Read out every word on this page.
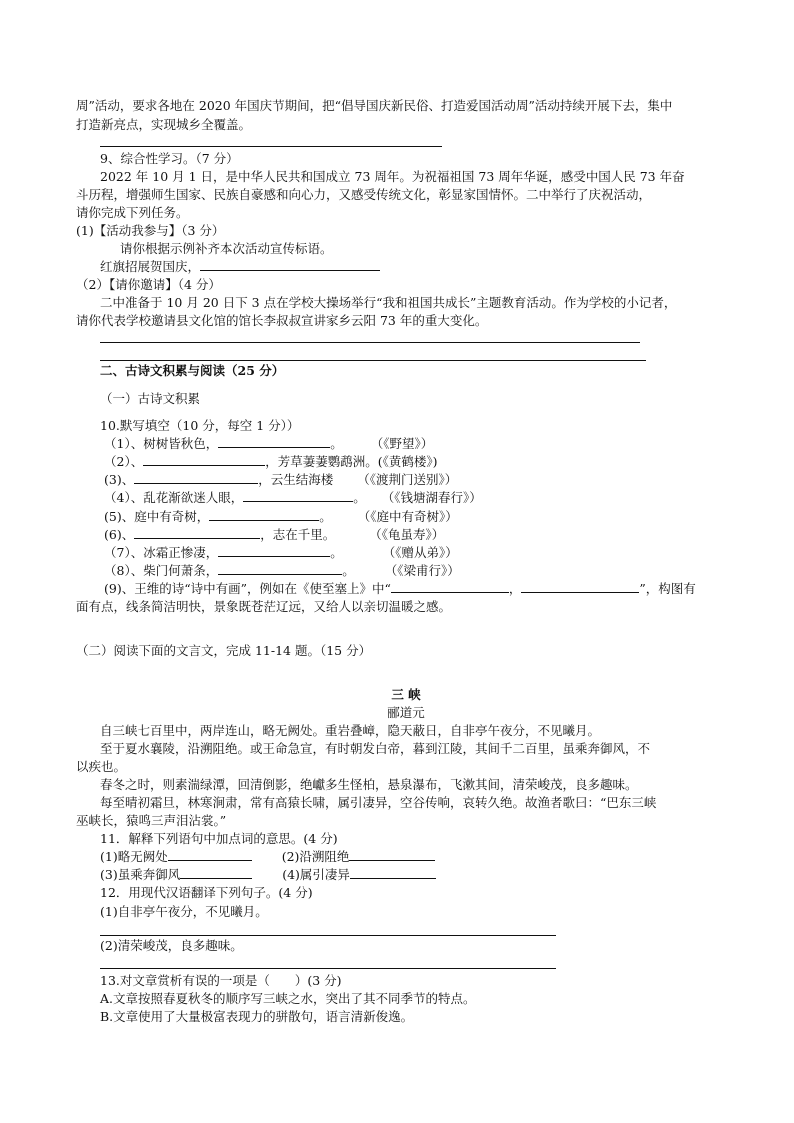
周”活动，要求各地在 2020 年国庆节期间，把“倡导国庆新民俗、打造爱国活动周”活动持续开展下去，集中
打造新亮点，实现城乡全覆盖。
9、综合性学习。（7 分）
2022 年 10 月 1 日，是中华人民共和国成立 73 周年。为祝福祖国 73 周年华诞，感受中国人民 73 年奋
斗历程，增强师生国家、民族自豪感和向心力，又感受传统文化，彰显家国情怀。二中举行了庆祝活动，
请你完成下列任务。
(1)【活动我参与】（3 分）
请你根据示例补齐本次活动宣传标语。
红旗招展贺国庆，
（2）【请你邀请】（4 分）
二中准备于 10 月 20 日下 3 点在学校大操场举行“我和祖国共成长”主题教育活动。作为学校的小记者，
请你代表学校邀请县文化馆的馆长李叔叔宣讲家乡云阳 73 年的重大变化。
二、古诗文积累与阅读（25 分）
（一）古诗文积累
10.默写填空（10 分，每空 1 分））
（1）、树树皆秋色，	。 （《野望》）
（2）、	，芳草萋萋鹦鹉洲。(《黄鹤楼》)
(3)、	，云生结海楼 （《渡荆门送别》）
（4）、乱花渐欲迷人眼，	。 （《钱塘湖春行》）
(5)、庭中有奇树，	。 （《庭中有奇树》）
(6)、	，志在千里。	（《龟虽寿》）
（7）、冰霜正惨凄，	。	（《赠从弟》）
（8）、柴门何萧条，	。 （《梁甫行》）
(9)、王维的诗“诗中有画”，例如在《使至塞上》中“	，	”，构图有
面有点，线条简洁明快，景象既苍茫辽远，又给人以亲切温暖之感。
（二）阅读下面的文言文，完成 11-14 题。（15 分）
三 峡
郦道元
自三峡七百里中，两岸连山，略无阙处。重岩叠嶂，隐天蔽日，自非亭午夜分，不见曦月。
至于夏水襄陵，沿溯阻绝。或王命急宣，有时朝发白帝，暮到江陵，其间千二百里，虽乘奔御风，不
以疾也。
春冬之时，则素湍绿潭，回清倒影，绝巘多生怪柏，悬泉瀑布，飞漱其间，清荣峻茂，良多趣味。
每至晴初霜旦，林寒涧肃，常有高猿长啸，属引凄异，空谷传响，哀转久绝。故渔者歌曰：“巴东三峡
巫峡长，猿鸣三声泪沾裳。”
11．解释下列语句中加点词的意思。(4 分)
(1)略无阙处	(2)沿溯阻绝
(3)虽乘奔御风	(4)属引凄异
12．用现代汉语翻译下列句子。(4 分)
(1)自非亭午夜分，不见曦月。
(2)清荣峻茂，良多趣味。
13.对文章赏析有误的一项是（　　）(3 分)
A.文章按照春夏秋冬的顺序写三峡之水，突出了其不同季节的特点。
B.文章使用了大量极富表现力的骈散句，语言清新俊逸。
